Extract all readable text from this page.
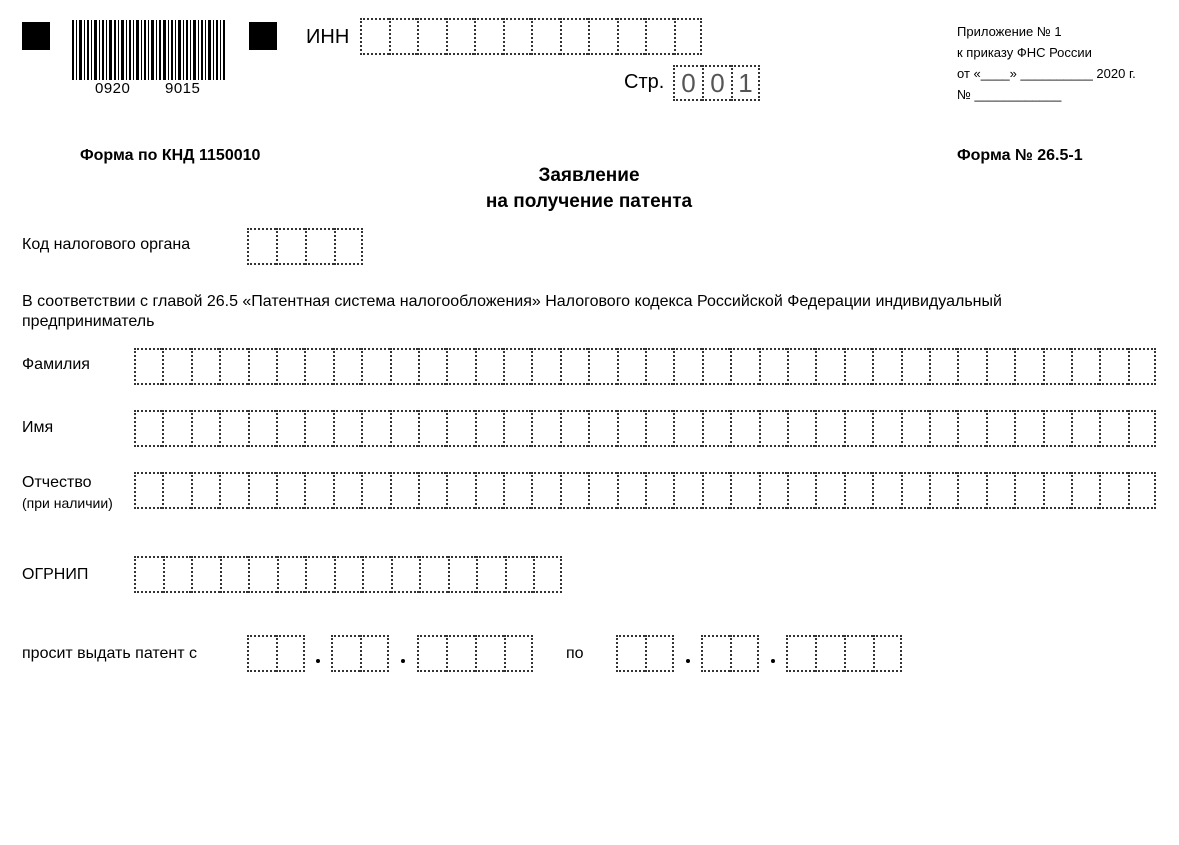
0920 9015
ИНН
Стр. 0 0 1
Приложение № 1
к приказу ФНС России
от «____» __________ 2020 г.
№ ____________
Форма по КНД 1150010	Форма № 26.5-1
Заявление
на получение патента
Код налогового органа
В соответствии с главой 26.5 «Патентная система налогообложения» Налогового кодекса Российской Федерации индивидуальный
предприниматель
Фамилия
Имя
Отчество
(при наличии)
ОГРНИП
просит выдать патент с	по
